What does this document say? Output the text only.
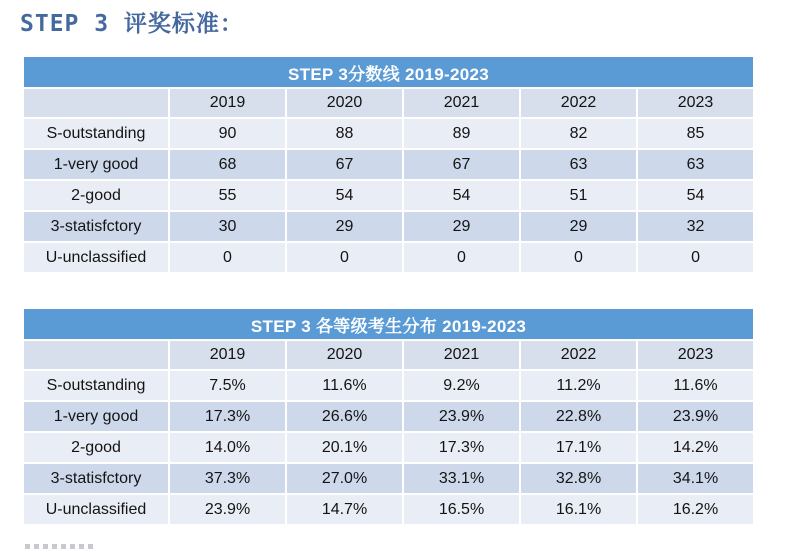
STEP 3 评奖标准：
STEP 3分数线 2019-2023					
	2019	2020	2021	2022	2023
S-outstanding	90	88	89	82	85
1-very good	68	67	67	63	63
2-good	55	54	54	51	54
3-statisfctory	30	29	29	29	32
U-unclassified	0	0	0	0	0
STEP 3 各等级考生分布 2019-2023					
	2019	2020	2021	2022	2023
S-outstanding	7.5%	11.6%	9.2%	11.2%	11.6%
1-very good	17.3%	26.6%	23.9%	22.8%	23.9%
2-good	14.0%	20.1%	17.3%	17.1%	14.2%
3-statisfctory	37.3%	27.0%	33.1%	32.8%	34.1%
U-unclassified	23.9%	14.7%	16.5%	16.1%	16.2%
